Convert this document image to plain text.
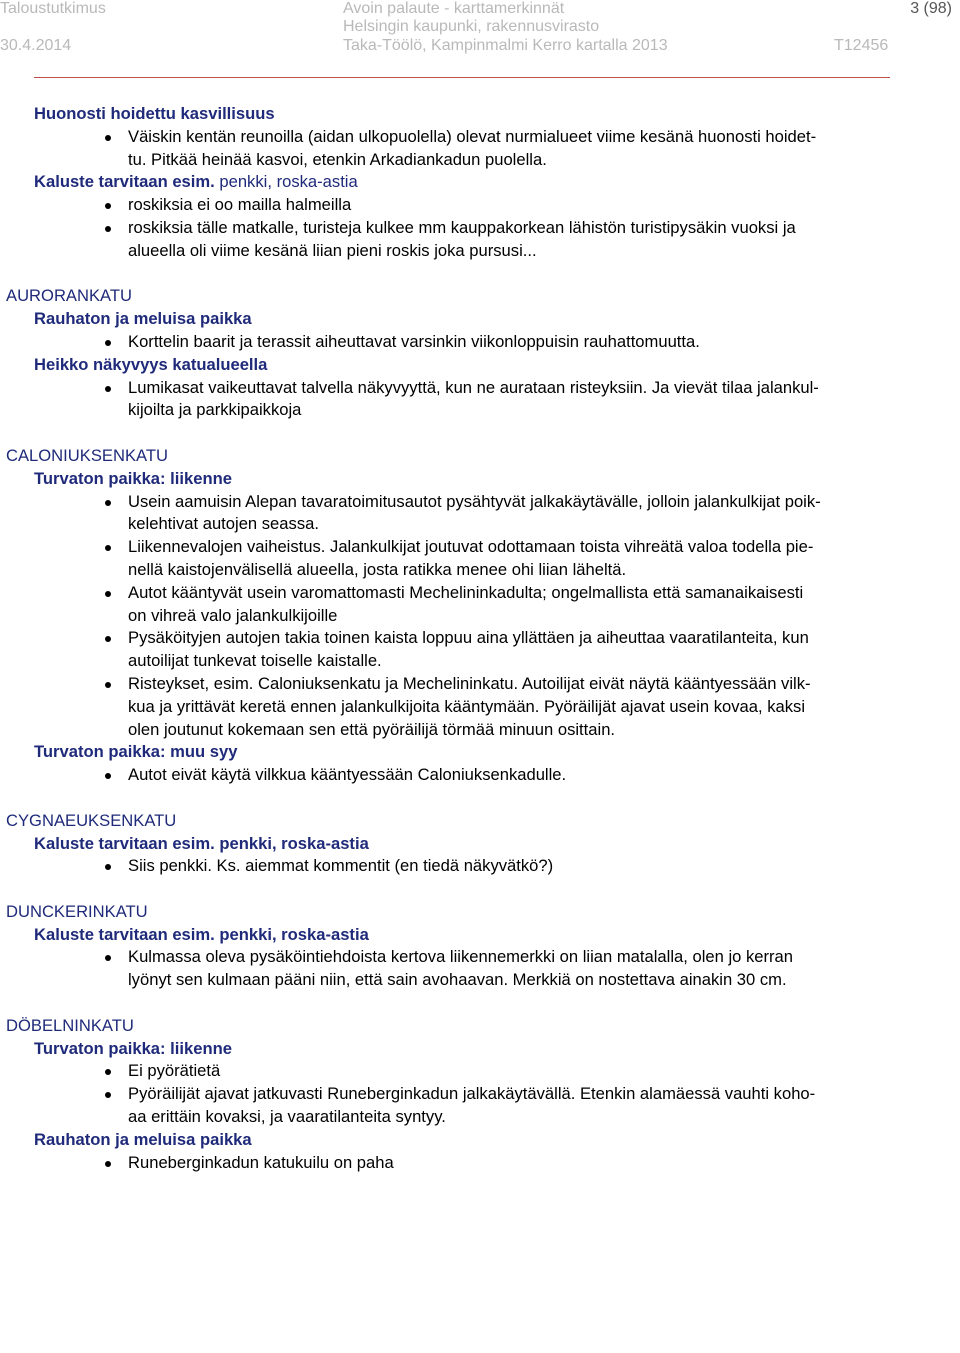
Taloustutkimus
30.4.2014
Avoin palaute - karttamerkinnät
Helsingin kaupunki, rakennusvirasto
Taka-Töölö, Kampinmalmi Kerro kartalla 2013
3 (98)
T12456
Huonosti hoidettu kasvillisuus
Väiskin kentän reunoilla (aidan ulkopuolella) olevat nurmialueet viime kesänä huonosti hoidet-
tu. Pitkää heinää kasvoi, etenkin Arkadiankadun puolella.
Kaluste tarvitaan esim. penkki, roska-astia
roskiksia ei oo mailla halmeilla
roskiksia tälle matkalle, turisteja kulkee mm kauppakorkean lähistön turistipysäkin vuoksi ja
alueella oli viime kesänä liian pieni roskis joka pursusi...
AURORANKATU
Rauhaton ja meluisa paikka
Korttelin baarit ja terassit aiheuttavat varsinkin viikonloppuisin rauhattomuutta.
Heikko näkyvyys katualueella
Lumikasat vaikeuttavat talvella näkyvyyttä, kun ne aurataan risteyksiin. Ja vievät tilaa jalankul-
kijoilta ja parkkipaikkoja
CALONIUKSENKATU
Turvaton paikka: liikenne
Usein aamuisin Alepan tavaratoimitusautot pysähtyvät jalkakäytävälle, jolloin jalankulkijat poik-
kelehtivat autojen seassa.
Liikennevalojen vaiheistus. Jalankulkijat joutuvat odottamaan toista vihreätä valoa todella pie-
nellä kaistojenvälisellä alueella, josta ratikka menee ohi liian läheltä.
Autot kääntyvät usein varomattomasti Mechelininkadulta; ongelmallista että samanaikaisesti
on vihreä valo jalankulkijoille
Pysäköityjen autojen takia toinen kaista loppuu aina yllättäen ja aiheuttaa vaaratilanteita, kun
autoilijat tunkevat toiselle kaistalle.
Risteykset, esim. Caloniuksenkatu ja Mechelininkatu. Autoilijat eivät näytä kääntyessään vilk-
kua ja yrittävät keretä ennen jalankulkijoita kääntymään. Pyöräilijät ajavat usein kovaa, kaksi
olen joutunut kokemaan sen että pyöräilijä törmää minuun osittain.
Turvaton paikka: muu syy
Autot eivät käytä vilkkua kääntyessään Caloniuksenkadulle.
CYGNAEUKSENKATU
Kaluste tarvitaan esim. penkki, roska-astia
Siis penkki. Ks. aiemmat kommentit (en tiedä näkyvätkö?)
DUNCKERINKATU
Kaluste tarvitaan esim. penkki, roska-astia
Kulmassa oleva pysäköintiehdoista kertova liikennemerkki on liian matalalla, olen jo kerran
lyönyt sen kulmaan pääni niin, että sain avohaavan. Merkkiä on nostettava ainakin 30 cm.
DÖBELNINKATU
Turvaton paikka: liikenne
Ei pyörätietä
Pyöräilijät ajavat jatkuvasti Runeberginkadun jalkakäytävällä. Etenkin alamäessä vauhti koho-
aa erittäin kovaksi, ja vaaratilanteita syntyy.
Rauhaton ja meluisa paikka
Runeberginkadun katukuilu on paha
